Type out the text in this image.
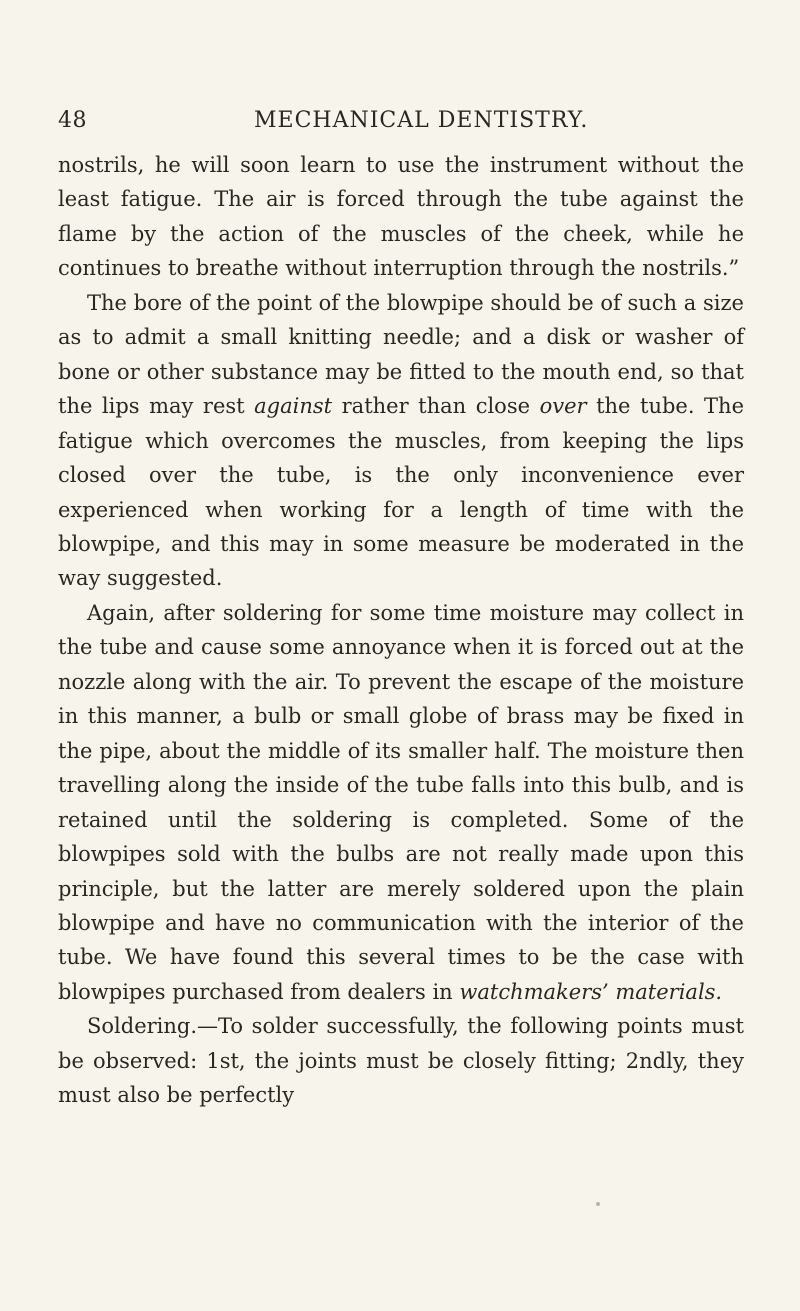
48	MECHANICAL DENTISTRY.

nostrils, he will soon learn to use the instrument without the least fatigue. The air is forced through the tube against the flame by the action of the muscles of the cheek, while he continues to breathe without interruption through the nostrils.”

The bore of the point of the blowpipe should be of such a size as to admit a small knitting needle; and a disk or washer of bone or other substance may be fitted to the mouth end, so that the lips may rest against rather than close over the tube. The fatigue which overcomes the muscles, from keeping the lips closed over the tube, is the only inconvenience ever experienced when working for a length of time with the blowpipe, and this may in some measure be moderated in the way suggested.

Again, after soldering for some time moisture may collect in the tube and cause some annoyance when it is forced out at the nozzle along with the air. To prevent the escape of the moisture in this manner, a bulb or small globe of brass may be fixed in the pipe, about the middle of its smaller half. The moisture then travelling along the inside of the tube falls into this bulb, and is retained until the soldering is completed. Some of the blowpipes sold with the bulbs are not really made upon this principle, but the latter are merely soldered upon the plain blowpipe and have no communication with the interior of the tube. We have found this several times to be the case with blowpipes purchased from dealers in watchmakers’ materials.

Soldering.—To solder successfully, the following points must be observed: 1st, the joints must be closely fitting; 2ndly, they must also be perfectly
